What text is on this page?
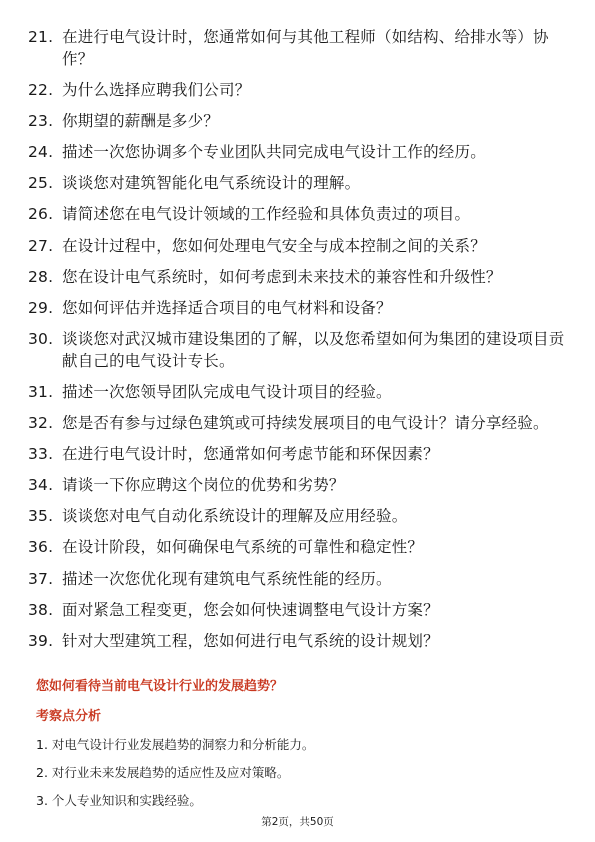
21. 在进行电气设计时，您通常如何与其他工程师（如结构、给排水等）协作？
22. 为什么选择应聘我们公司？
23. 你期望的薪酬是多少？
24. 描述一次您协调多个专业团队共同完成电气设计工作的经历。
25. 谈谈您对建筑智能化电气系统设计的理解。
26. 请简述您在电气设计领域的工作经验和具体负责过的项目。
27. 在设计过程中，您如何处理电气安全与成本控制之间的关系？
28. 您在设计电气系统时，如何考虑到未来技术的兼容性和升级性？
29. 您如何评估并选择适合项目的电气材料和设备？
30. 谈谈您对武汉城市建设集团的了解，以及您希望如何为集团的建设项目贡献自己的电气设计专长。
31. 描述一次您领导团队完成电气设计项目的经验。
32. 您是否有参与过绿色建筑或可持续发展项目的电气设计？请分享经验。
33. 在进行电气设计时，您通常如何考虑节能和环保因素？
34. 请谈一下你应聘这个岗位的优势和劣势？
35. 谈谈您对电气自动化系统设计的理解及应用经验。
36. 在设计阶段，如何确保电气系统的可靠性和稳定性？
37. 描述一次您优化现有建筑电气系统性能的经历。
38. 面对紧急工程变更，您会如何快速调整电气设计方案？
39. 针对大型建筑工程，您如何进行电气系统的设计规划？
您如何看待当前电气设计行业的发展趋势？
考察点分析
1. 对电气设计行业发展趋势的洞察力和分析能力。
2. 对行业未来发展趋势的适应性及应对策略。
3. 个人专业知识和实践经验。
第2页，共50页
